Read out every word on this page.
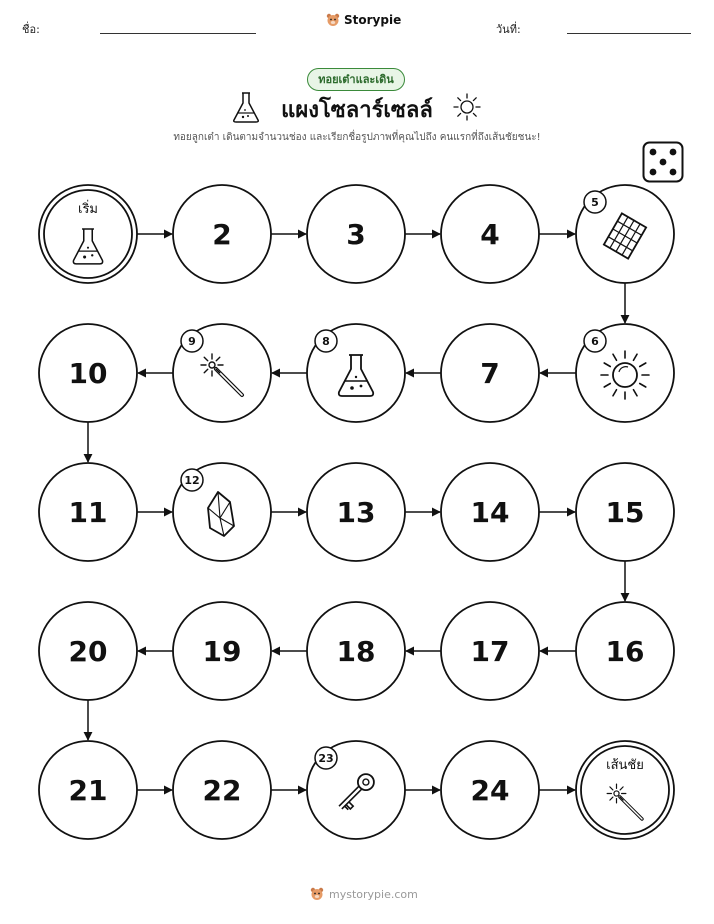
ชื่อ:
Storypie
วันที่:
ทอยเต๋าและเดิน
แผงโซลาร์เซลล์
ทอยลูกเต๋า เดินตามจำนวนช่อง และเรียกชื่อรูปภาพที่คุณไปถึง คนแรกที่ถึงเส้นชัยชนะ!
เริ่ม
2	3	4
5
6
7
8
9
10
11
12
13	14	15
16
17
18
19
20
21	22
23
24
เส้นชัย
mystorypie.com
